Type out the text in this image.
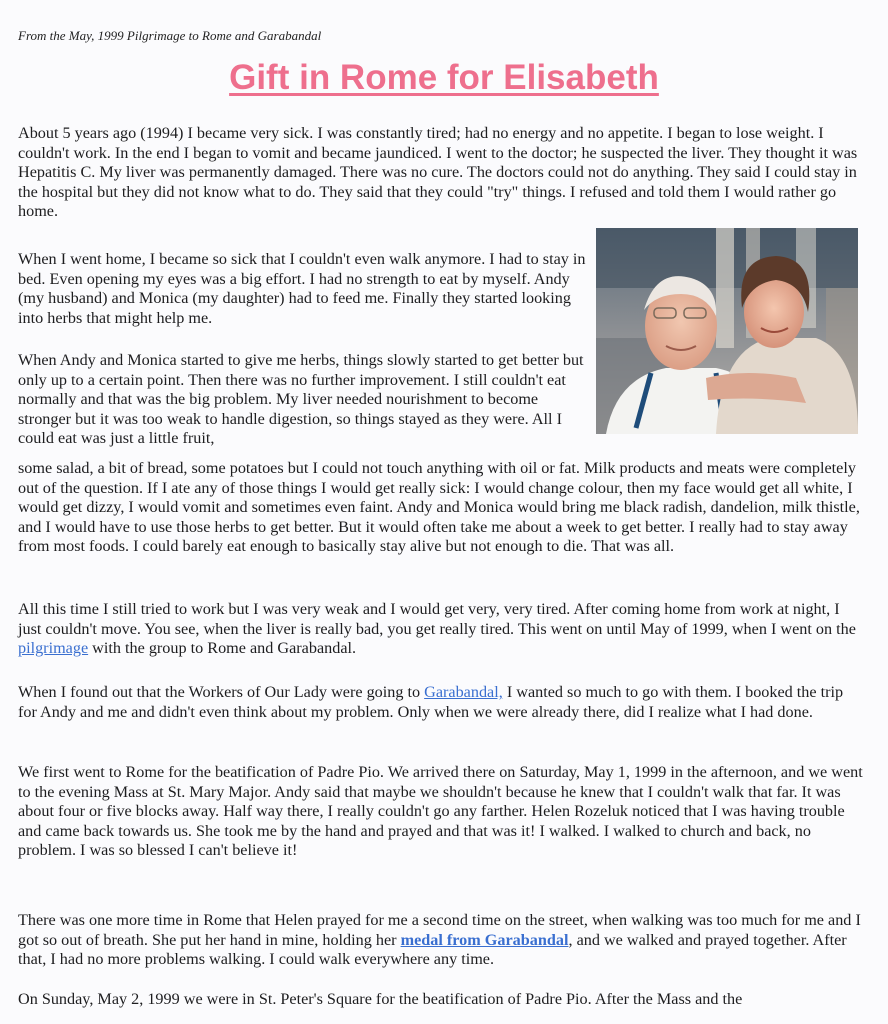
From the May, 1999 Pilgrimage to Rome and Garabandal
Gift in Rome for Elisabeth

About 5 years ago (1994) I became very sick. I was constantly tired; had no energy and no appetite. I began to lose weight. I couldn't work. In the end I began to vomit and became jaundiced. I went to the doctor; he suspected the liver. They thought it was Hepatitis C. My liver was permanently damaged. There was no cure. The doctors could not do anything. They said I could stay in the hospital but they did not know what to do. They said that they could "try" things. I refused and told them I would rather go home.

When I went home, I became so sick that I couldn't even walk anymore. I had to stay in bed. Even opening my eyes was a big effort. I had no strength to eat by myself. Andy (my husband) and Monica (my daughter) had to feed me. Finally they started looking into herbs that might help me.

When Andy and Monica started to give me herbs, things slowly started to get better but only up to a certain point. Then there was no further improvement. I still couldn't eat normally and that was the big problem. My liver needed nourishment to become stronger but it was too weak to handle digestion, so things stayed as they were. All I could eat was just a little fruit,

some salad, a bit of bread, some potatoes but I could not touch anything with oil or fat. Milk products and meats were completely out of the question. If I ate any of those things I would get really sick: I would change colour, then my face would get all white, I would get dizzy, I would vomit and sometimes even faint. Andy and Monica would bring me black radish, dandelion, milk thistle, and I would have to use those herbs to get better. But it would often take me about a week to get better. I really had to stay away from most foods. I could barely eat enough to basically stay alive but not enough to die. That was all.

All this time I still tried to work but I was very weak and I would get very, very tired. After coming home from work at night, I just couldn't move. You see, when the liver is really bad, you get really tired. This went on until May of 1999, when I went on the pilgrimage with the group to Rome and Garabandal.

When I found out that the Workers of Our Lady were going to Garabandal, I wanted so much to go with them. I booked the trip for Andy and me and didn't even think about my problem. Only when we were already there, did I realize what I had done.

We first went to Rome for the beatification of Padre Pio. We arrived there on Saturday, May 1, 1999 in the afternoon, and we went to the evening Mass at St. Mary Major. Andy said that maybe we shouldn't because he knew that I couldn't walk that far. It was about four or five blocks away. Half way there, I really couldn't go any farther. Helen Rozeluk noticed that I was having trouble and came back towards us. She took me by the hand and prayed and that was it! I walked. I walked to church and back, no problem. I was so blessed I can't believe it!

There was one more time in Rome that Helen prayed for me a second time on the street, when walking was too much for me and I got so out of breath. She put her hand in mine, holding her medal from Garabandal, and we walked and prayed together. After that, I had no more problems walking. I could walk everywhere any time.

On Sunday, May 2, 1999 we were in St. Peter's Square for the beatification of Padre Pio. After the Mass and the
